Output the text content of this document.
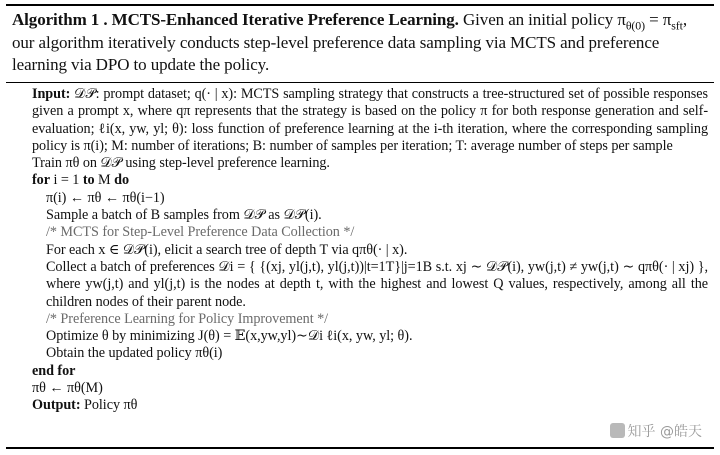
Algorithm 1 . MCTS-Enhanced Iterative Preference Learning. Given an initial policy $\pi_{\theta(0)} = \pi_{sft}$, our algorithm iteratively conducts step-level preference data sampling via MCTS and preference learning via DPO to update the policy.
Input: 𝒟𝒫: prompt dataset; q(· | x): MCTS sampling strategy that constructs a tree-structured set of possible responses given a prompt x, where qπ represents that the strategy is based on the policy π for both response generation and self-evaluation; ℓi(x, yw, yl; θ): loss function of preference learning at the i-th iteration, where the corresponding sampling policy is π(i); M: number of iterations; B: number of samples per iteration; T: average number of steps per sample
Train πθ on 𝒟𝒫 using step-level preference learning.
for i = 1 to M do
π(i) ← πθ ← πθ(i−1)
Sample a batch of B samples from 𝒟𝒫 as 𝒟𝒫(i).
/* MCTS for Step-Level Preference Data Collection */
For each x ∈ 𝒟𝒫(i), elicit a search tree of depth T via qπθ(· | x).
Collect a batch of preferences 𝒟i = { {(xj, yl(j,t), yl(j,t))|t=1T}|j=1B s.t. xj ∼ 𝒟𝒫(i), yw(j,t) ≠ yw(j,t) ∼ qπθ(· | xj) }, where yw(j,t) and yl(j,t) is the nodes at depth t, with the highest and lowest Q values, respectively, among all the children nodes of their parent node.
/* Preference Learning for Policy Improvement */
Optimize θ by minimizing J(θ) = 𝔼(x,yw,yl)∼𝒟i ℓi(x, yw, yl; θ).
Obtain the updated policy πθ(i)
end for
πθ ← πθ(M)
Output: Policy πθ
知乎 @皓天
